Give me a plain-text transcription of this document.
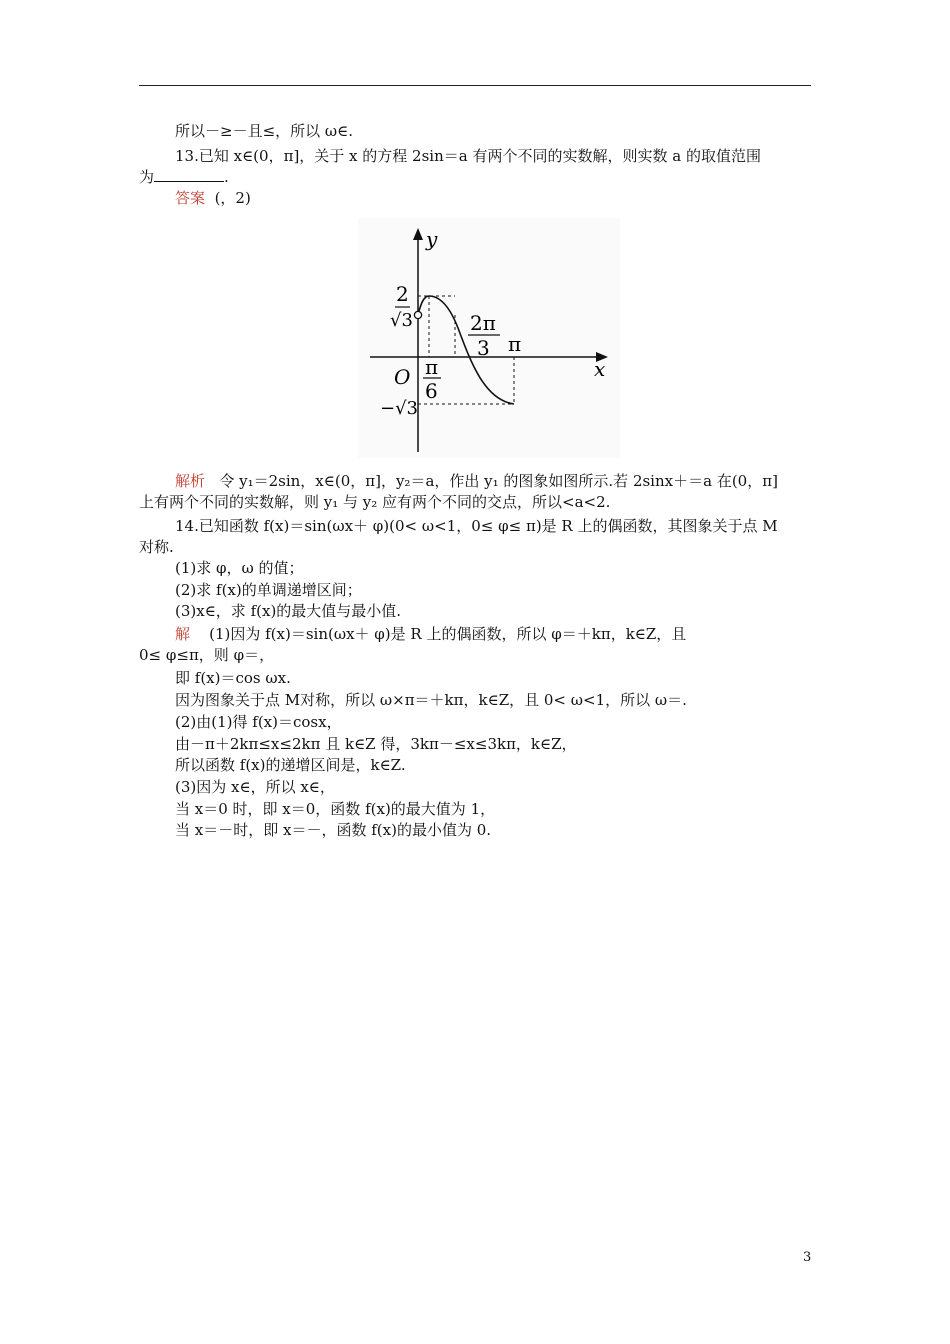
所以－≥－且≤，所以 ω∈.
13.已知 x∈(0，π]，关于 x 的方程 2sin＝a 有两个不同的实数解，则实数 a 的取值范围
为	.
答案 (，2)
y
x
O
2
√3
−√3
π
6
2π
3 π
解析 令 y₁＝2sin，x∈(0，π]，y₂＝a，作出 y₁ 的图象如图所示.若 2sinx＋＝a 在(0，π]
上有两个不同的实数解，则 y₁ 与 y₂ 应有两个不同的交点，所以<a<2.
14.已知函数 f(x)＝sin(ωx＋ φ)(0< ω<1，0≤ φ≤ π)是 R 上的偶函数，其图象关于点 M
对称.
(1)求 φ，ω 的值；
(2)求 f(x)的单调递增区间；
(3)x∈，求 f(x)的最大值与最小值.
解 (1)因为 f(x)＝sin(ωx＋ φ)是 R 上的偶函数，所以 φ＝＋kπ，k∈Z，且
0≤ φ≤π，则 φ＝，
即 f(x)＝cos ωx.
因为图象关于点 M对称，所以 ω×π＝＋kπ，k∈Z，且 0< ω<1，所以 ω＝.
(2)由(1)得 f(x)＝cosx，
由－π＋2kπ≤x≤2kπ 且 k∈Z 得，3kπ－≤x≤3kπ，k∈Z，
所以函数 f(x)的递增区间是，k∈Z.
(3)因为 x∈，所以 x∈，
当 x＝0 时，即 x＝0，函数 f(x)的最大值为 1，
当 x＝－时，即 x＝－，函数 f(x)的最小值为 0.
3
